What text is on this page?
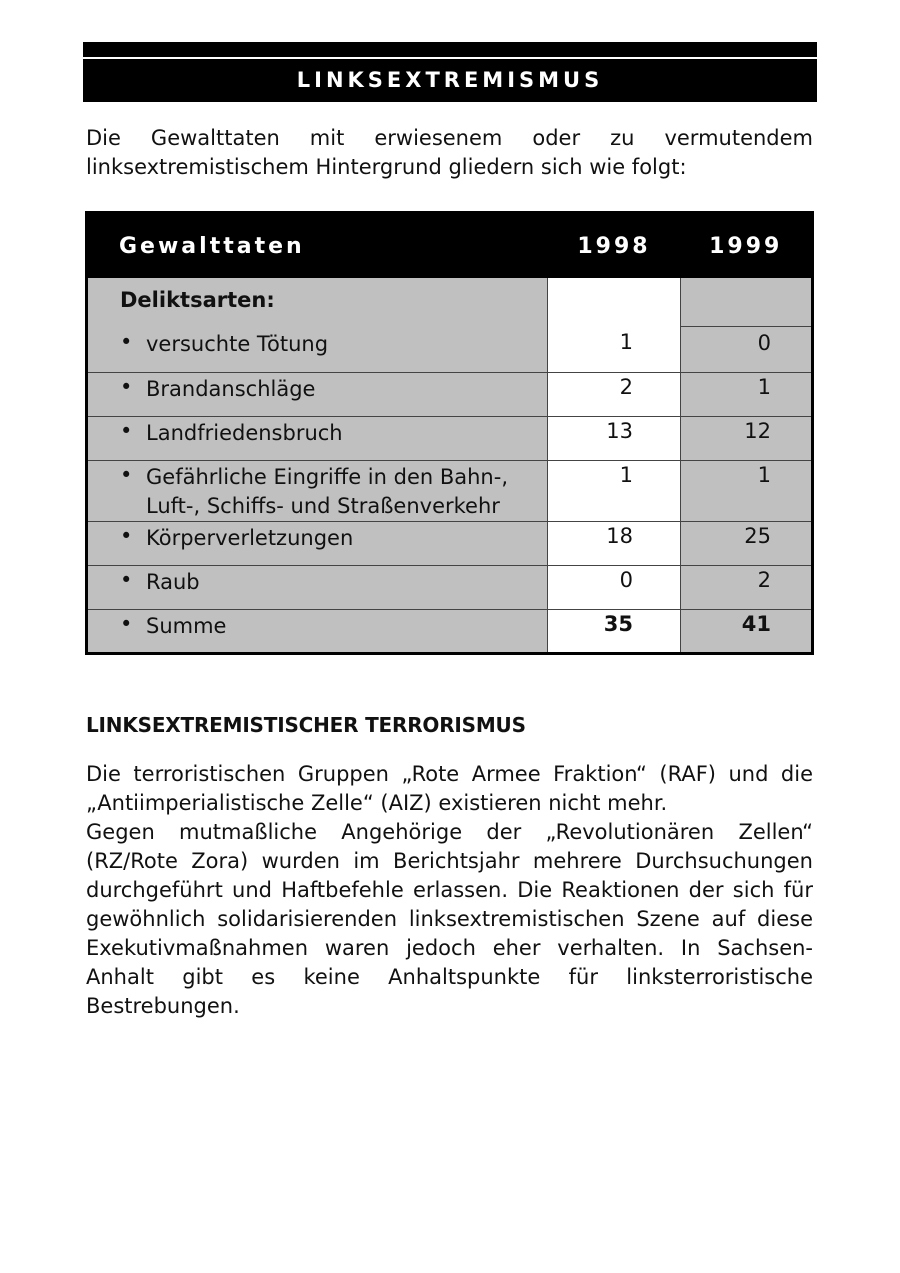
LINKSEXTREMISMUS

Die Gewalttaten mit erwiesenem oder zu vermutendem linksextremistischem Hintergrund gliedern sich wie folgt:

Gewalttaten	1998	1999
Deliktsarten:		

• versuchte Tötung	1	0

• Brandanschläge	2	1

• Landfriedensbruch	13	12

• Gefährliche Eingriffe in den Bahn-, Luft-, Schiffs- und Straßenverkehr	1	1

• Körperverletzungen	18	25

• Raub	0	2

• Summe	35	41
LINKSEXTREMISTISCHER TERRORISMUS

Die terroristischen Gruppen „Rote Armee Fraktion“ (RAF) und die „Antiimperialistische Zelle“ (AIZ) existieren nicht mehr.

Gegen mutmaßliche Angehörige der „Revolutionären Zellen“ (RZ/Rote Zora) wurden im Berichtsjahr mehrere Durchsuchungen durchgeführt und Haftbefehle erlassen. Die Reaktionen der sich für gewöhnlich solidarisierenden linksextremistischen Szene auf diese Exekutivmaßnahmen waren jedoch eher verhalten. In Sachsen-Anhalt gibt es keine Anhaltspunkte für linksterroristische Bestrebungen.
